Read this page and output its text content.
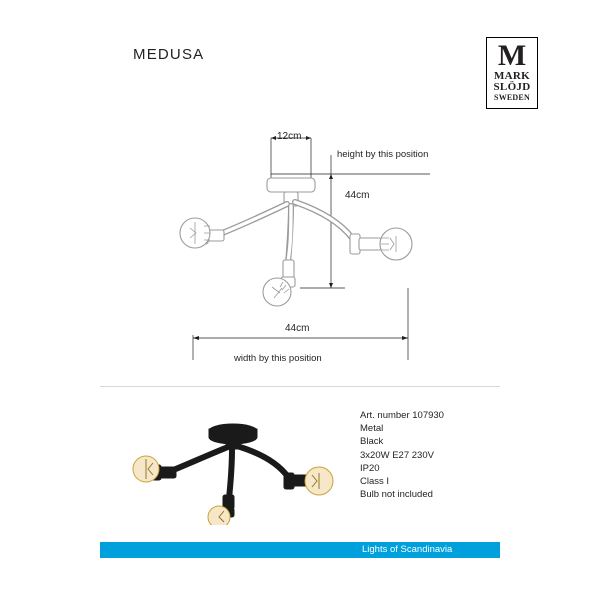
MEDUSA	M
MARK
SLÖJD
SWEDEN
12cm
44cm
height by this position
44cm
width by this position
Art. number 107930
Metal
Black
3x20W E27 230V
IP20
Class I
Bulb not included
Lights of Scandinavia
